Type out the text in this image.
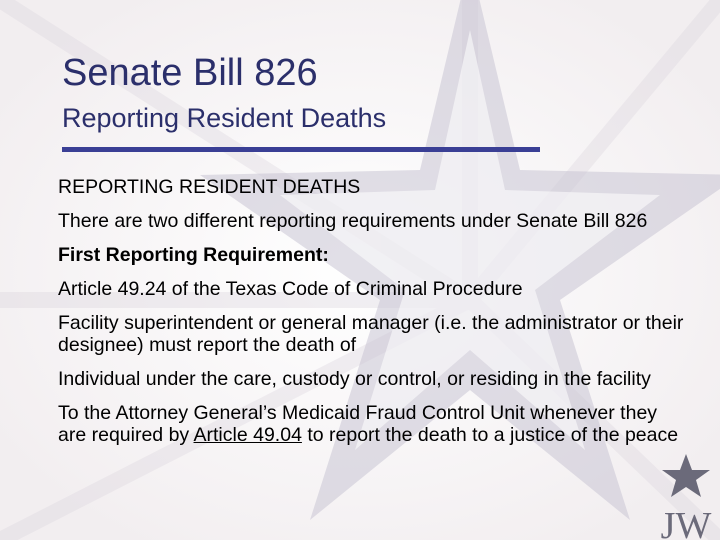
Senate Bill 826
Reporting Resident Deaths

REPORTING RESIDENT DEATHS

There are two different reporting requirements under Senate Bill 826

First Reporting Requirement:

Article 49.24 of the Texas Code of Criminal Procedure

Facility superintendent or general manager (i.e. the administrator or their designee) must report the death of

Individual under the care, custody or control, or residing in the facility

To the Attorney General’s Medicaid Fraud Control Unit whenever they are required by Article 49.04 to report the death to a justice of the peace

JW
